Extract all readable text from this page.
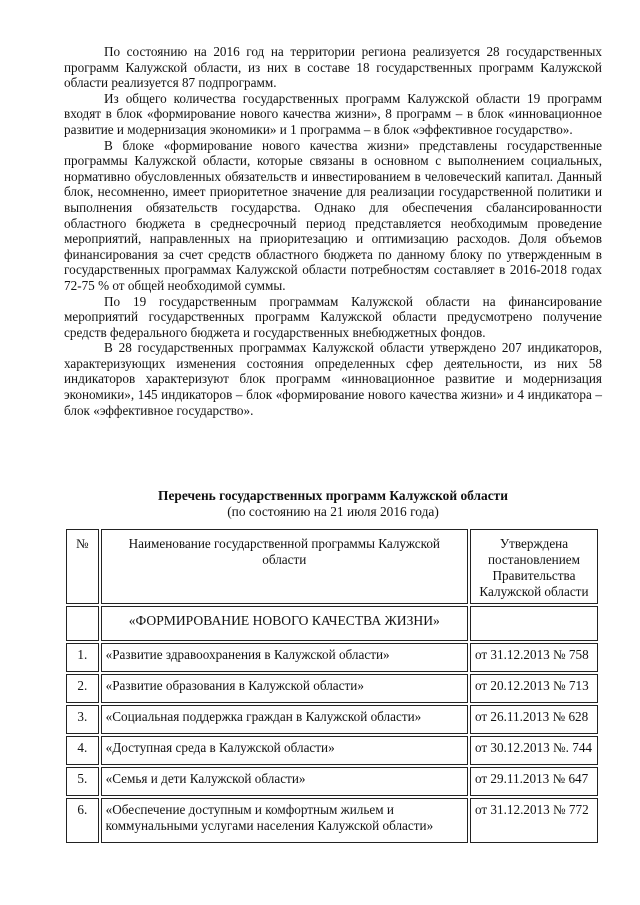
По состоянию на 2016 год на территории региона реализуется 28 государственных программ Калужской области, из них в составе 18 государственных программ Калужской области реализуется 87 подпрограмм.

Из общего количества государственных программ Калужской области 19 программ входят в блок «формирование нового качества жизни», 8 программ – в блок «инновационное развитие и модернизация экономики» и 1 программа – в блок «эффективное государство».

В блоке «формирование нового качества жизни» представлены государственные программы Калужской области, которые связаны в основном с выполнением социальных, нормативно обусловленных обязательств и инвестированием в человеческий капитал. Данный блок, несомненно, имеет приоритетное значение для реализации государственной политики и выполнения обязательств государства. Однако для обеспечения сбалансированности областного бюджета в среднесрочный период представляется необходимым проведение мероприятий, направленных на приоритезацию и оптимизацию расходов. Доля объемов финансирования за счет средств областного бюджета по данному блоку по утвержденным в государственных программах Калужской области потребностям составляет в 2016-2018 годах 72-75 % от общей необходимой суммы.

По 19 государственным программам Калужской области на финансирование мероприятий государственных программ Калужской области предусмотрено получение средств федерального бюджета и государственных внебюджетных фондов.

В 28 государственных программах Калужской области утверждено 207 индикаторов, характеризующих изменения состояния определенных сфер деятельности, из них 58 индикаторов характеризуют блок программ «инновационное развитие и модернизация экономики», 145 индикаторов – блок «формирование нового качества жизни» и 4 индикатора – блок «эффективное государство».

Перечень государственных программ Калужской области
(по состоянию на 21 июля 2016 года)
№	Наименование государственной программы Калужской области	Утверждена постановлением Правительства Калужской области
	«ФОРМИРОВАНИЕ НОВОГО КАЧЕСТВА ЖИЗНИ»	
1.	«Развитие здравоохранения в Калужской области»	от 31.12.2013 № 758
2.	«Развитие образования в Калужской области»	от 20.12.2013 № 713
3.	«Социальная поддержка граждан в Калужской области»	от 26.11.2013 № 628
4.	«Доступная среда в Калужской области»	от 30.12.2013 №. 744
5.	«Семья и дети Калужской области»	от 29.11.2013 № 647
6.	«Обеспечение доступным и комфортным жильем и коммунальными услугами населения Калужской области»	от 31.12.2013 № 772
